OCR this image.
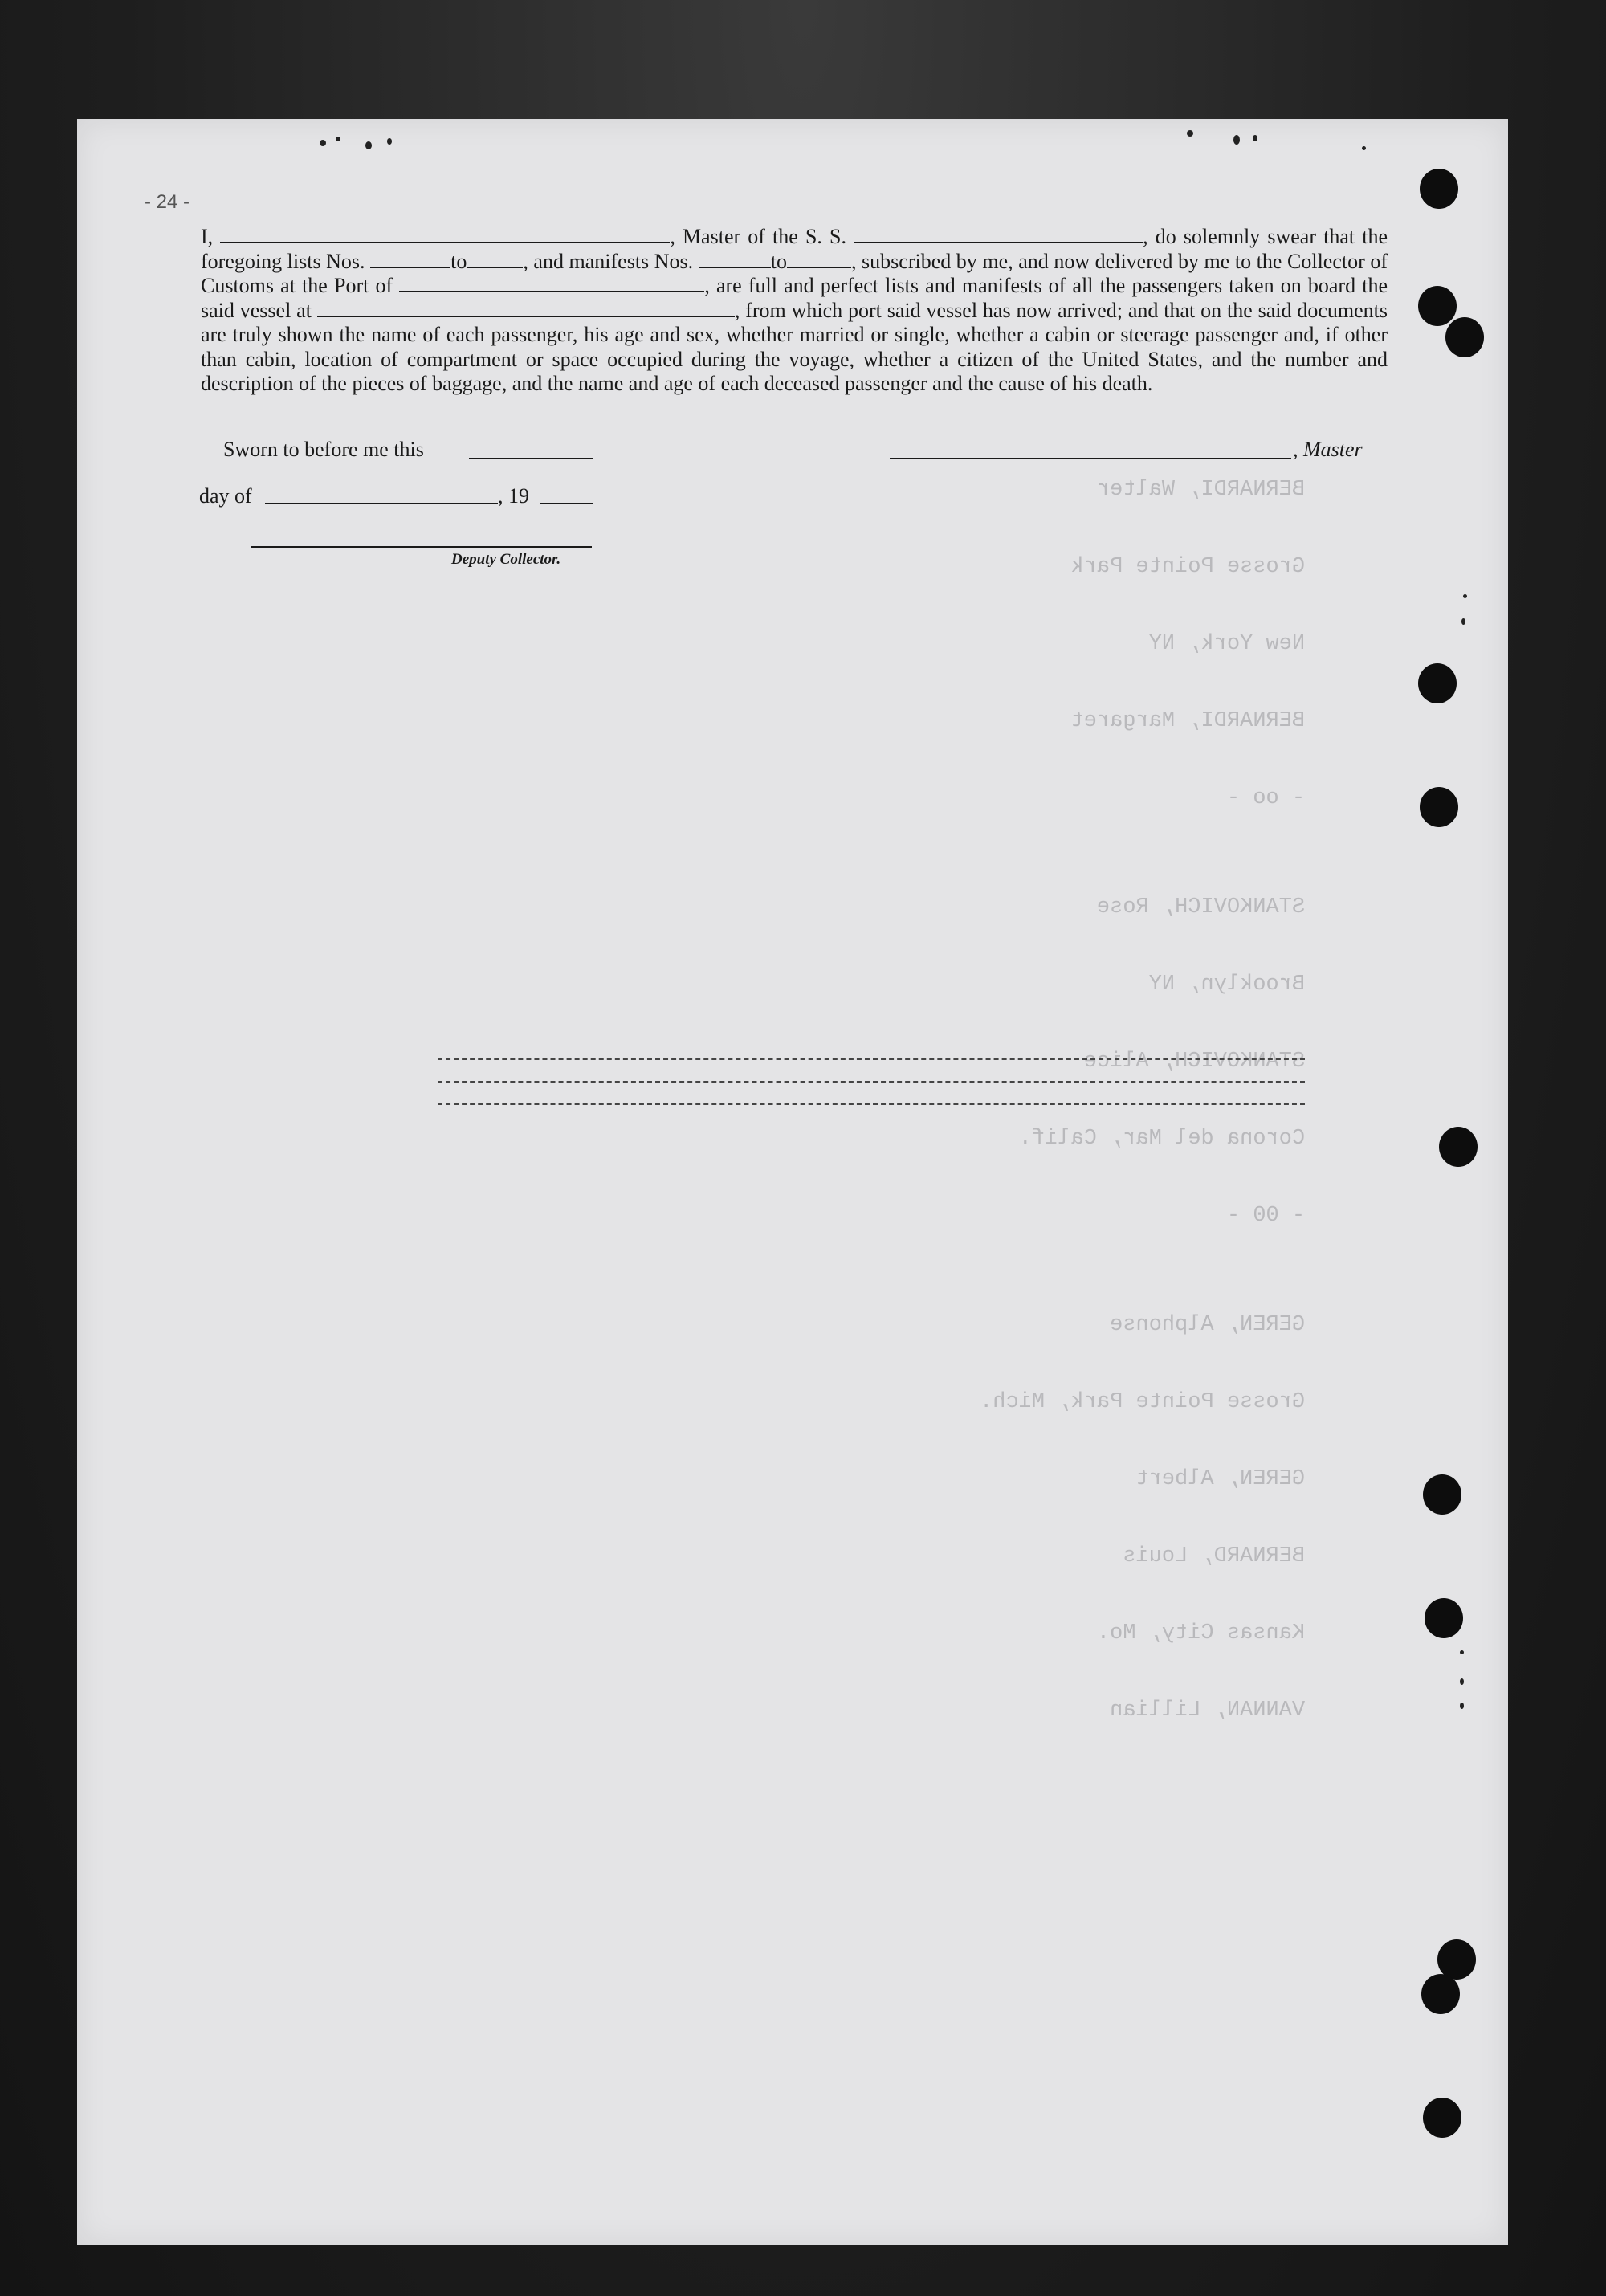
BERNARDI, Walter

Grosse Pointe Park

New York, NY

BERNARDI, Margaret

- oo -

STANKOVICH, Rose

Brooklyn, NY

STANKOVICH, Alice

Corona del Mar, Calif.

- 00 -

GEREN, Alphonse

Grosse Pointe Park, Mich.

GEREN, Albert

BERNARD, Louis

Kansas City, Mo.

VANNAN, Lillian

- 24 -

I,	, Master of the S. S.	, do solemnly swear that the foregoing lists Nos.	to	, and manifests Nos.	to	, subscribed by me, and now delivered by me to the Collector of Customs at the Port of	, are full and perfect lists and manifests of all the passengers taken on board the said vessel at	, from which port said vessel has now arrived; and that on the said documents are truly shown the name of each passenger, his age and sex, whether married or single, whether a cabin or steerage passenger and, if other than cabin, location of compartment or space occupied during the voyage, whether a citizen of the United States, and the number and description of the pieces of baggage, and the name and age of each deceased passenger and the cause of his death.

Sworn to before me this	, Master
day of	, 19
Deputy Collector.
